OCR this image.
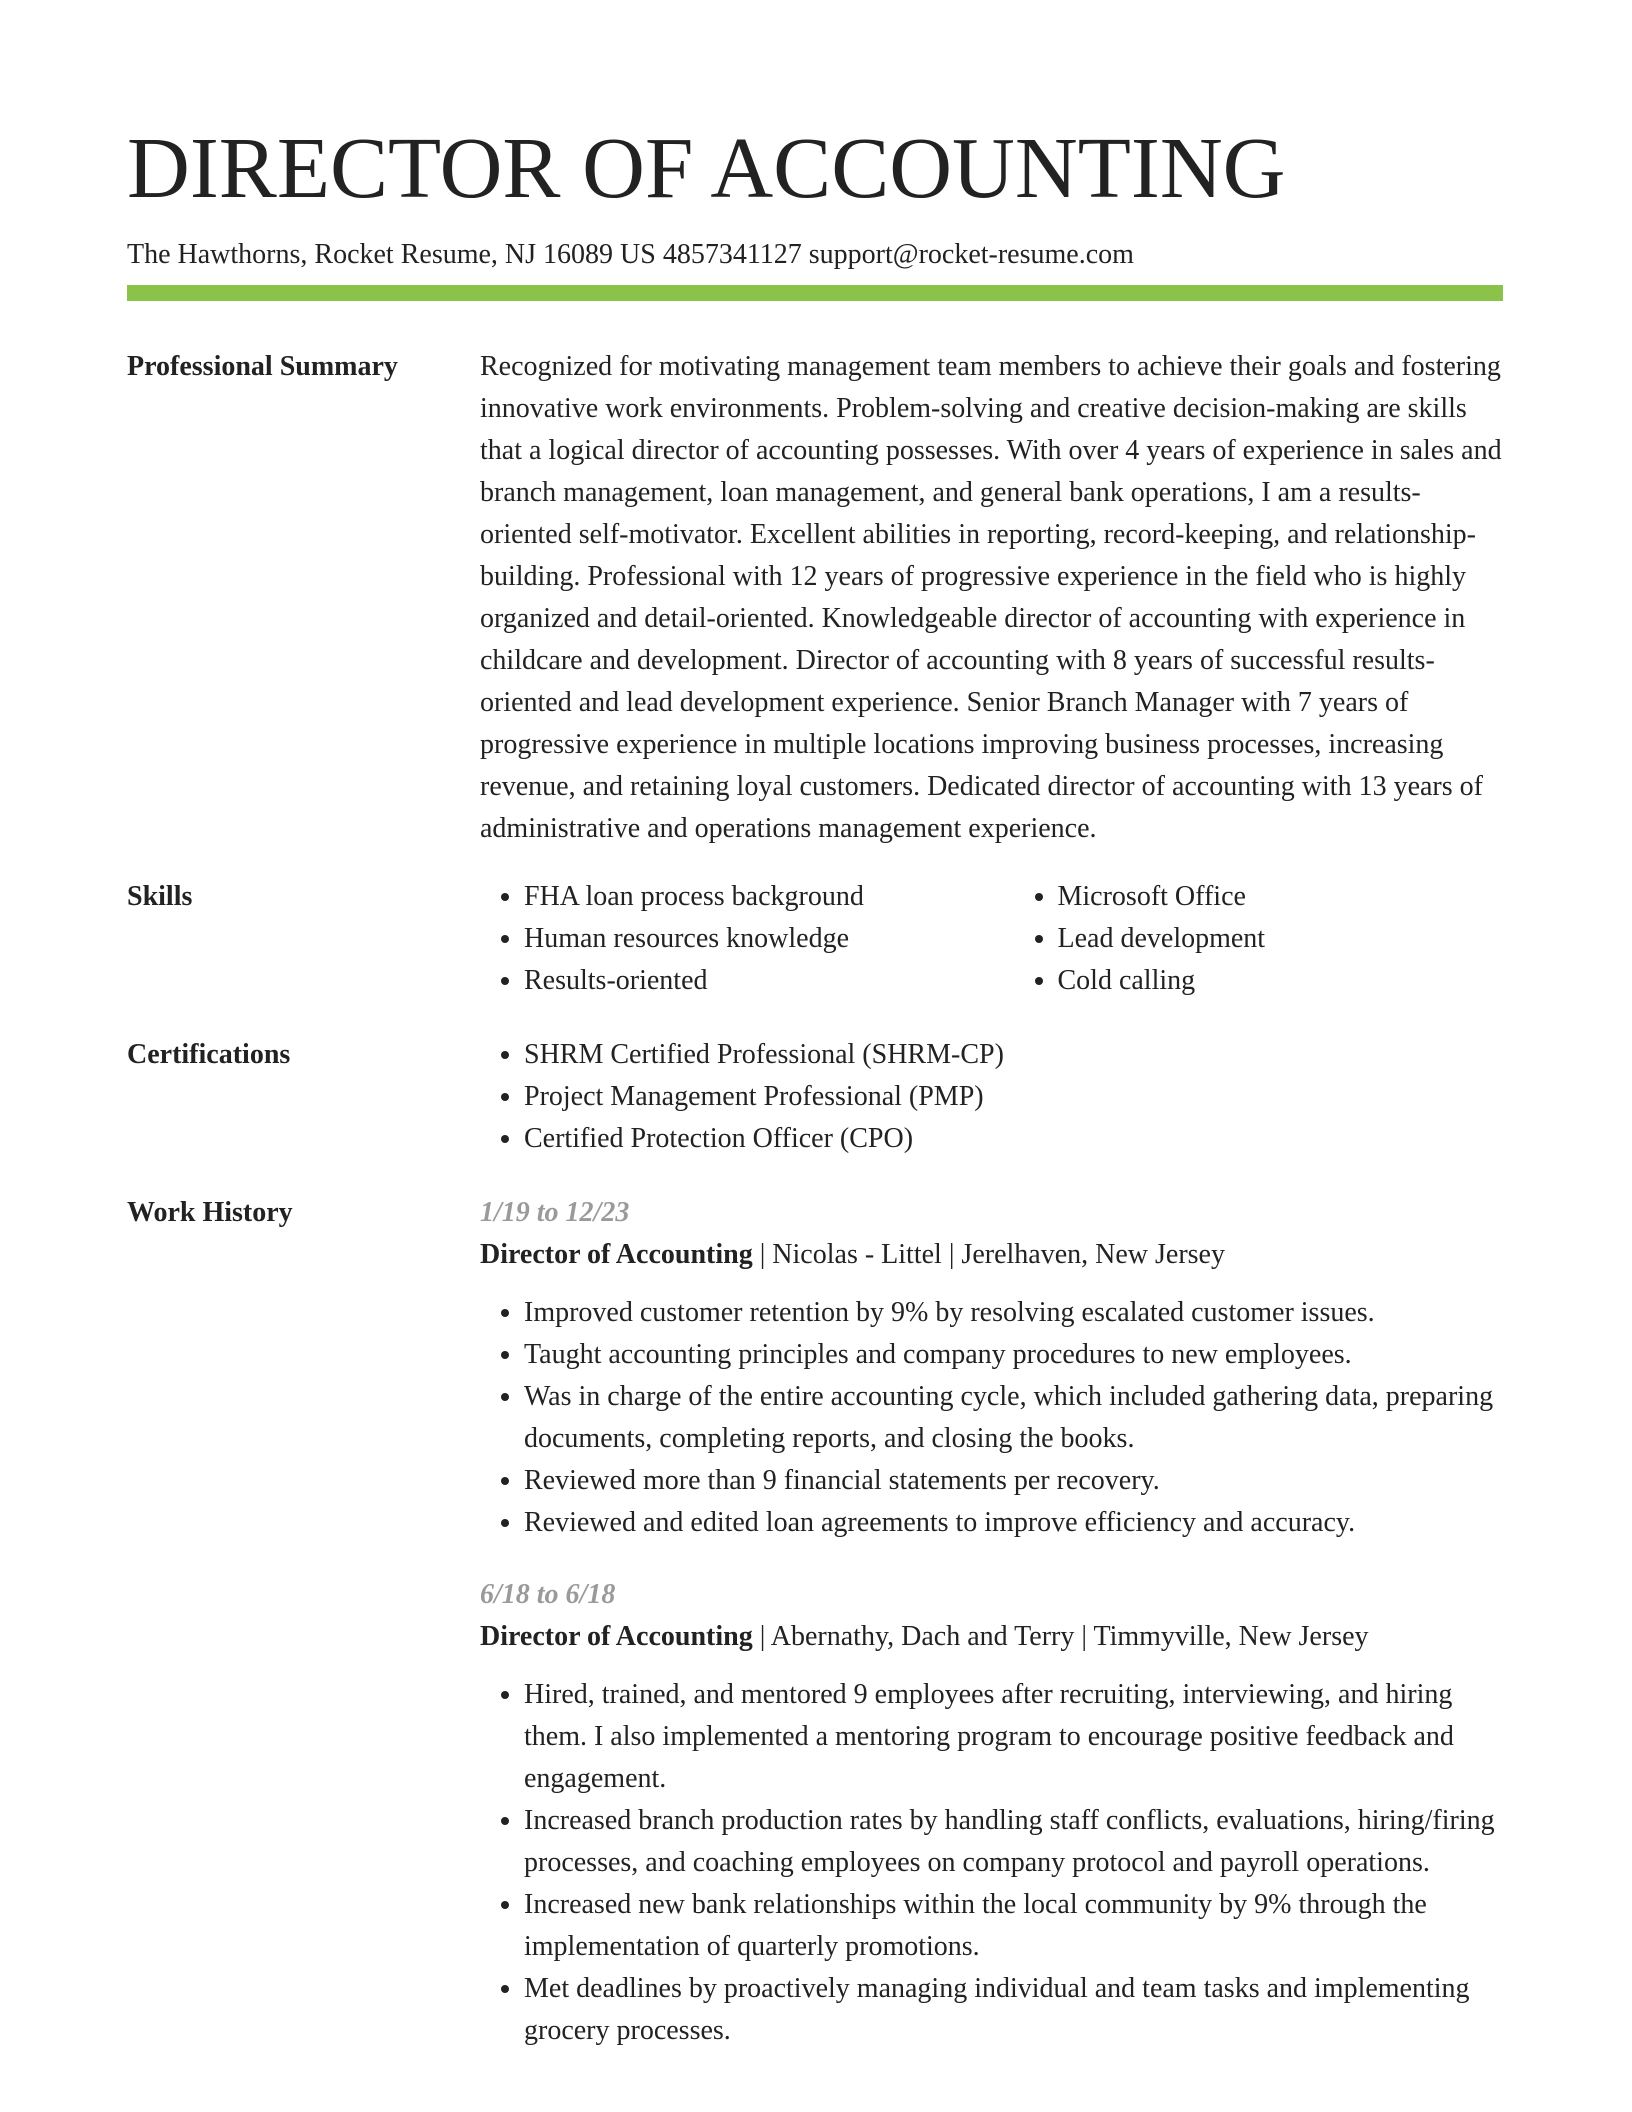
DIRECTOR OF ACCOUNTING
The Hawthorns, Rocket Resume, NJ 16089 US 4857341127 support@rocket-resume.com
Professional Summary	Recognized for motivating management team members to achieve their goals and fostering innovative work environments. Problem-solving and creative decision-making are skills that a logical director of accounting possesses. With over 4 years of experience in sales and branch management, loan management, and general bank operations, I am a results-oriented self-motivator. Excellent abilities in reporting, record-keeping, and relationship-building. Professional with 12 years of progressive experience in the field who is highly organized and detail-oriented. Knowledgeable director of accounting with experience in childcare and development. Director of accounting with 8 years of successful results-oriented and lead development experience. Senior Branch Manager with 7 years of progressive experience in multiple locations improving business processes, increasing revenue, and retaining loyal customers. Dedicated director of accounting with 13 years of administrative and operations management experience.

Skills	• FHA loan process background
• Human resources knowledge
• Results-oriented
• Microsoft Office
• Lead development
• Cold calling
Certifications	• SHRM Certified Professional (SHRM-CP)
• Project Management Professional (PMP)
• Certified Protection Officer (CPO)
Work History	1/19 to 12/23
Director of Accounting | Nicolas - Littel | Jerelhaven, New Jersey
• Improved customer retention by 9% by resolving escalated customer issues.
• Taught accounting principles and company procedures to new employees.
• Was in charge of the entire accounting cycle, which included gathering data, preparing documents, completing reports, and closing the books.
• Reviewed more than 9 financial statements per recovery.
• Reviewed and edited loan agreements to improve efficiency and accuracy.
6/18 to 6/18
Director of Accounting | Abernathy, Dach and Terry | Timmyville, New Jersey
• Hired, trained, and mentored 9 employees after recruiting, interviewing, and hiring them. I also implemented a mentoring program to encourage positive feedback and engagement.
• Increased branch production rates by handling staff conflicts, evaluations, hiring/firing processes, and coaching employees on company protocol and payroll operations.
• Increased new bank relationships within the local community by 9% through the implementation of quarterly promotions.
• Met deadlines by proactively managing individual and team tasks and implementing grocery processes.
